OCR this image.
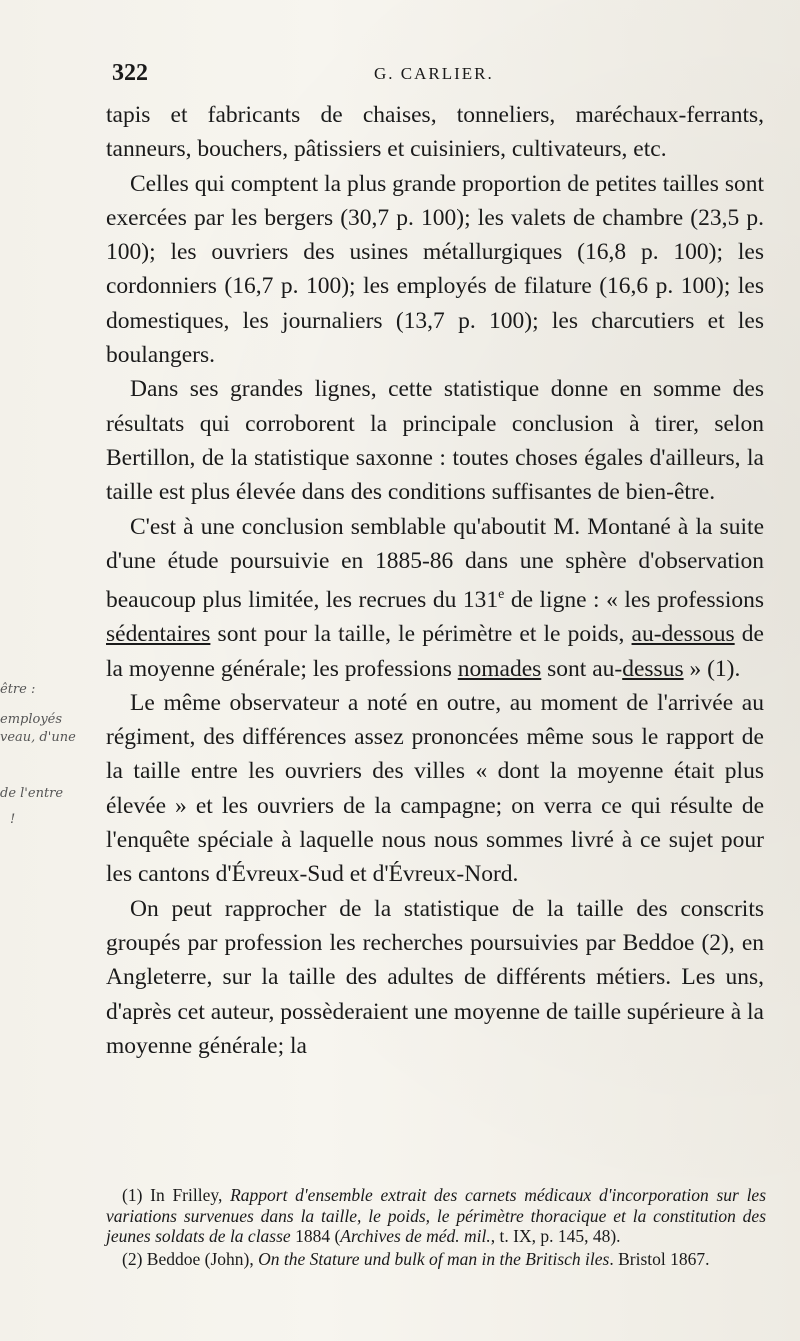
322	G. CARLIER.
être :
employés
veau, d'une
de l'entre
!

tapis et fabricants de chaises, tonneliers, maréchaux-ferrants, tanneurs, bouchers, pâtissiers et cuisiniers, cultivateurs, etc.

Celles qui comptent la plus grande proportion de petites tailles sont exercées par les bergers (30,7 p. 100); les valets de chambre (23,5 p. 100); les ouvriers des usines métallurgiques (16,8 p. 100); les cordonniers (16,7 p. 100); les employés de filature (16,6 p. 100); les domestiques, les journaliers (13,7 p. 100); les charcutiers et les boulangers.

Dans ses grandes lignes, cette statistique donne en somme des résultats qui corroborent la principale conclusion à tirer, selon Bertillon, de la statistique saxonne : toutes choses égales d'ailleurs, la taille est plus élevée dans des conditions suffisantes de bien-être.

C'est à une conclusion semblable qu'aboutit M. Montané à la suite d'une étude poursuivie en 1885-86 dans une sphère d'observation beaucoup plus limitée, les recrues du 131e de ligne : « les professions sédentaires sont pour la taille, le périmètre et le poids, au-dessous de la moyenne générale; les professions nomades sont au-dessus » (1).

Le même observateur a noté en outre, au moment de l'arrivée au régiment, des différences assez prononcées même sous le rapport de la taille entre les ouvriers des villes « dont la moyenne était plus élevée » et les ouvriers de la campagne; on verra ce qui résulte de l'enquête spéciale à laquelle nous nous sommes livré à ce sujet pour les cantons d'Évreux-Sud et d'Évreux-Nord.

On peut rapprocher de la statistique de la taille des conscrits groupés par profession les recherches poursuivies par Beddoe (2), en Angleterre, sur la taille des adultes de différents métiers. Les uns, d'après cet auteur, possèderaient une moyenne de taille supérieure à la moyenne générale; la

(1) In Frilley, Rapport d'ensemble extrait des carnets médicaux d'incorporation sur les variations survenues dans la taille, le poids, le périmètre thoracique et la constitution des jeunes soldats de la classe 1884 (Archives de méd. mil., t. IX, p. 145, 48).

(2) Beddoe (John), On the Stature und bulk of man in the Britisch iles. Bristol 1867.
